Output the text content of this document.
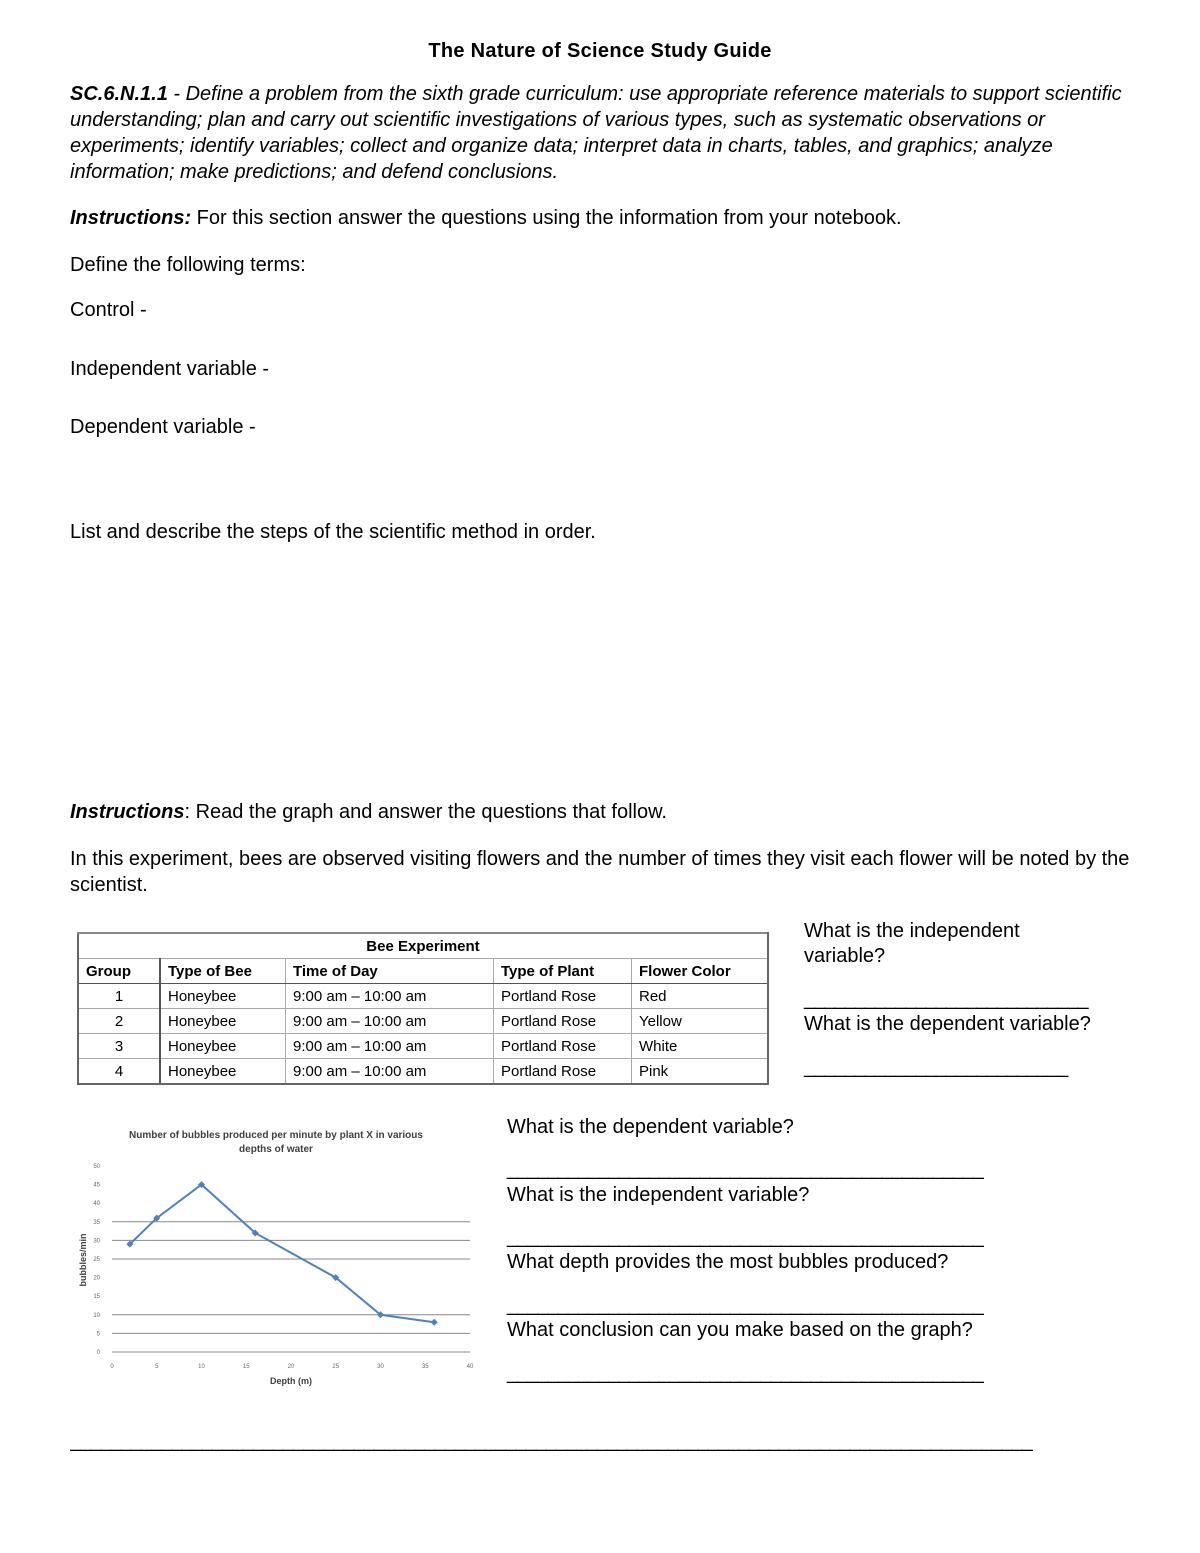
The Nature of Science Study Guide
SC.6.N.1.1 - Define a problem from the sixth grade curriculum: use appropriate reference materials to support scientific understanding; plan and carry out scientific investigations of various types, such as systematic observations or experiments; identify variables; collect and organize data; interpret data in charts, tables, and graphics; analyze information; make predictions; and defend conclusions.
Instructions: For this section answer the questions using the information from your notebook.
Define the following terms:
Control -
Independent variable -
Dependent variable -
List and describe the steps of the scientific method in order.
Instructions: Read the graph and answer the questions that follow.
In this experiment, bees are observed visiting flowers and the number of times they visit each flower will be noted by the scientist.
Bee Experiment				
Group	Type of Bee	Time of Day	Type of Plant	Flower Color
1	Honeybee	9:00 am – 10:00 am	Portland Rose	Red
2	Honeybee	9:00 am – 10:00 am	Portland Rose	Yellow
3	Honeybee	9:00 am – 10:00 am	Portland Rose	White
4	Honeybee	9:00 am – 10:00 am	Portland Rose	Pink
What is the independent
variable?
____________________________
What is the dependent variable?
__________________________
Number of bubbles produced per minute by plant X in various
depths of water
0
5
10
15
20
25
30
35
40
45
50
0	5	10	15	20	25	30	35	40
Depth (m)
bubbles/min
What is the dependent variable?
_______________________________________________
What is the independent variable?
_______________________________________________
What depth provides the most bubbles produced?
_______________________________________________
What conclusion can you make based on the graph?
_______________________________________________
_______________________________________________________________________________________________
